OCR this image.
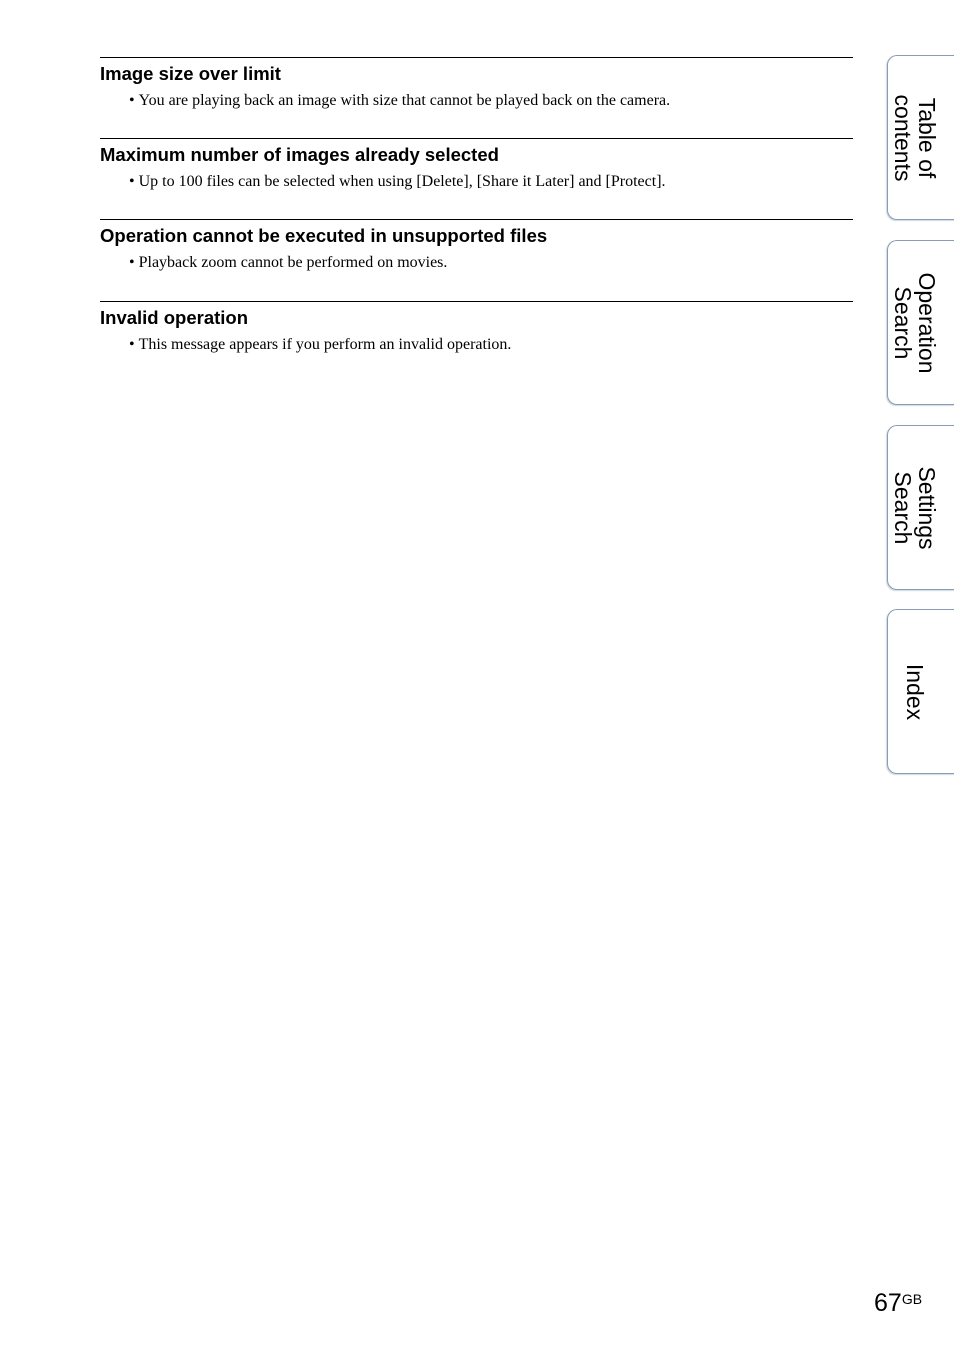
Image size over limit
• You are playing back an image with size that cannot be played back on the camera.
Maximum number of images already selected
• Up to 100 files can be selected when using [Delete], [Share it Later] and [Protect].
Operation cannot be executed in unsupported files
• Playback zoom cannot be performed on movies.
Invalid operation
• This message appears if you perform an invalid operation.
Table of
contents
Operation
Search
Settings
Search
Index
$67^{GB}$
